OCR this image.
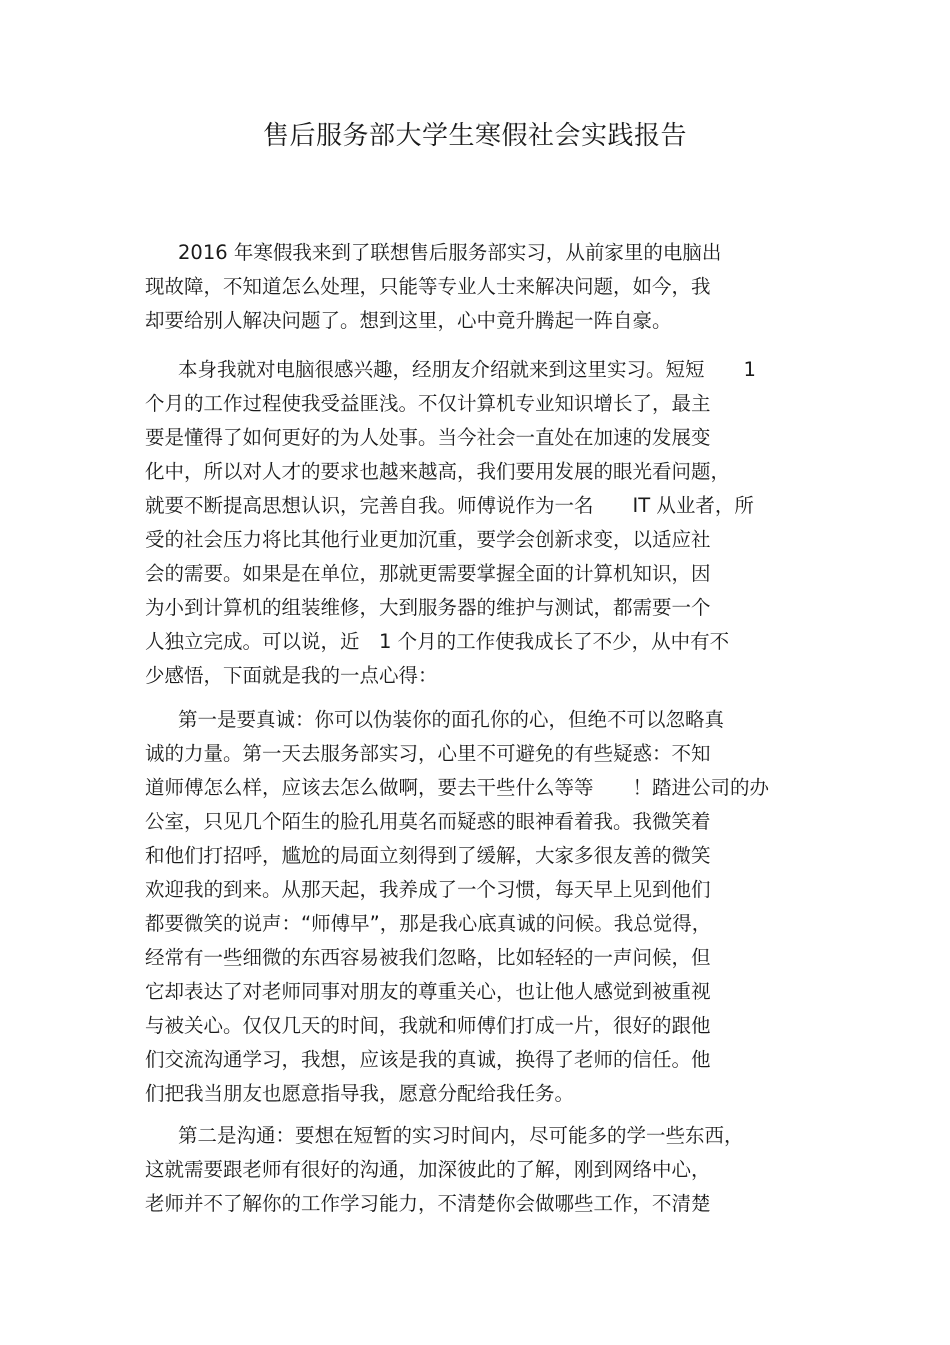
售后服务部大学生寒假社会实践报告
2016 年寒假我来到了联想售后服务部实习，从前家里的电脑出
现故障，不知道怎么处理，只能等专业人士来解决问题，如今，我
却要给别人解决问题了。想到这里，心中竟升腾起一阵自豪。
本身我就对电脑很感兴趣，经朋友介绍就来到这里实习。短短　　1
个月的工作过程使我受益匪浅。不仅计算机专业知识增长了，最主
要是懂得了如何更好的为人处事。当今社会一直处在加速的发展变
化中，所以对人才的要求也越来越高，我们要用发展的眼光看问题，
就要不断提高思想认识，完善自我。师傅说作为一名　　IT 从业者，所
受的社会压力将比其他行业更加沉重，要学会创新求变，以适应社
会的需要。如果是在单位，那就更需要掌握全面的计算机知识，因
为小到计算机的组装维修，大到服务器的维护与测试，都需要一个
人独立完成。可以说，近　1 个月的工作使我成长了不少，从中有不
少感悟，下面就是我的一点心得：
第一是要真诚：你可以伪装你的面孔你的心，但绝不可以忽略真
诚的力量。第一天去服务部实习，心里不可避免的有些疑惑：不知
道师傅怎么样，应该去怎么做啊，要去干些什么等等　　！踏进公司的办
公室，只见几个陌生的脸孔用莫名而疑惑的眼神看着我。我微笑着
和他们打招呼，尴尬的局面立刻得到了缓解，大家多很友善的微笑
欢迎我的到来。从那天起，我养成了一个习惯，每天早上见到他们
都要微笑的说声：“师傅早”，那是我心底真诚的问候。我总觉得，
经常有一些细微的东西容易被我们忽略，比如轻轻的一声问候，但
它却表达了对老师同事对朋友的尊重关心，也让他人感觉到被重视
与被关心。仅仅几天的时间，我就和师傅们打成一片，很好的跟他
们交流沟通学习，我想，应该是我的真诚，换得了老师的信任。他
们把我当朋友也愿意指导我，愿意分配给我任务。
第二是沟通：要想在短暂的实习时间内，尽可能多的学一些东西，
这就需要跟老师有很好的沟通，加深彼此的了解，刚到网络中心，
老师并不了解你的工作学习能力，不清楚你会做哪些工作，不清楚
